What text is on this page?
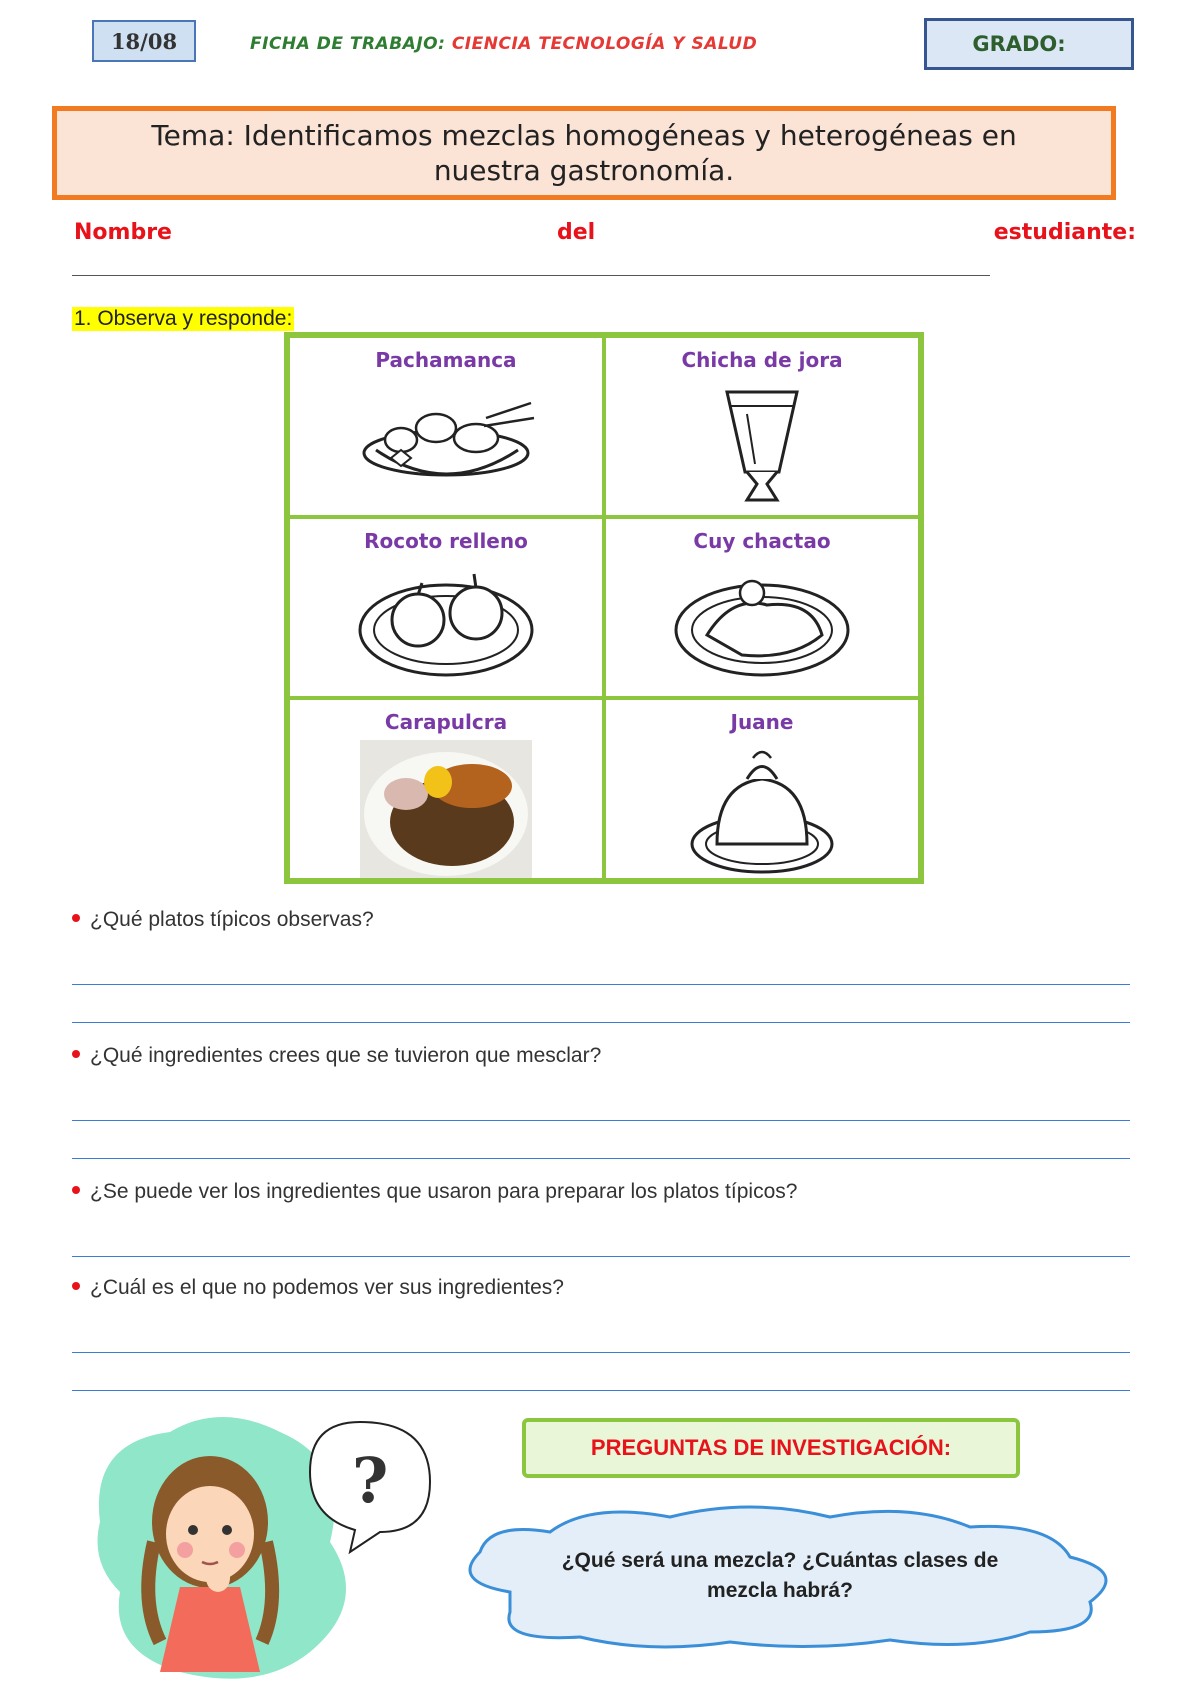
18/08	FICHA DE TRABAJO: CIENCIA TECNOLOGÍA Y SALUD	GRADO:
Tema: Identificamos mezclas homogéneas y heterogéneas en nuestra gastronomía.
Nombre	del	estudiante:
1. Observa y responde:
Pachamanca	Chicha de jora
Rocoto relleno	Cuy chactao
Carapulcra	Juane
¿Qué platos típicos observas?
¿Qué ingredientes crees que se tuvieron que mesclar?
¿Se puede ver los ingredientes que usaron para preparar los platos típicos?
¿Cuál es el que no podemos ver sus ingredientes?
?	PREGUNTAS DE INVESTIGACIÓN:
¿Qué será una mezcla? ¿Cuántas clases de mezcla habrá?
